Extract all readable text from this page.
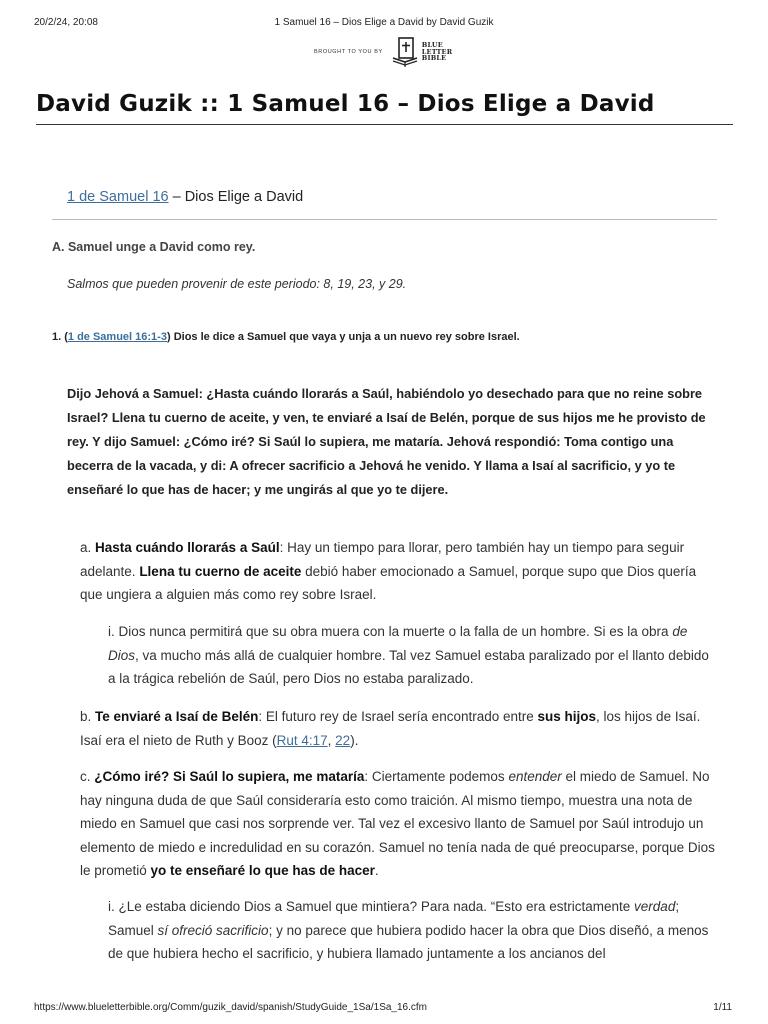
20/2/24, 20:08	1 Samuel 16 – Dios Elige a David by David Guzik
BROUGHT TO YOU BY
BLUE
LETTER
BIBLE
David Guzik :: 1 Samuel 16 – Dios Elige a David
1 de Samuel 16 – Dios Elige a David
A. Samuel unge a David como rey.
Salmos que pueden provenir de este periodo: 8, 19, 23, y 29.
1. (1 de Samuel 16:1-3) Dios le dice a Samuel que vaya y unja a un nuevo rey sobre Israel.
Dijo Jehová a Samuel: ¿Hasta cuándo llorarás a Saúl, habiéndolo yo desechado para que no reine sobre Israel? Llena tu cuerno de aceite, y ven, te enviaré a Isaí de Belén, porque de sus hijos me he provisto de rey. Y dijo Samuel: ¿Cómo iré? Si Saúl lo supiera, me mataría. Jehová respondió: Toma contigo una becerra de la vacada, y di: A ofrecer sacrificio a Jehová he venido. Y llama a Isaí al sacrificio, y yo te enseñaré lo que has de hacer; y me ungirás al que yo te dijere.
a. Hasta cuándo llorarás a Saúl: Hay un tiempo para llorar, pero también hay un tiempo para seguir adelante. Llena tu cuerno de aceite debió haber emocionado a Samuel, porque supo que Dios quería que ungiera a alguien más como rey sobre Israel.
i. Dios nunca permitirá que su obra muera con la muerte o la falla de un hombre. Si es la obra de Dios, va mucho más allá de cualquier hombre. Tal vez Samuel estaba paralizado por el llanto debido a la trágica rebelión de Saúl, pero Dios no estaba paralizado.
b. Te enviaré a Isaí de Belén: El futuro rey de Israel sería encontrado entre sus hijos, los hijos de Isaí. Isaí era el nieto de Ruth y Booz (Rut 4:17, 22).
c. ¿Cómo iré? Si Saúl lo supiera, me mataría: Ciertamente podemos entender el miedo de Samuel. No hay ninguna duda de que Saúl consideraría esto como traición. Al mismo tiempo, muestra una nota de miedo en Samuel que casi nos sorprende ver. Tal vez el excesivo llanto de Samuel por Saúl introdujo un elemento de miedo e incredulidad en su corazón. Samuel no tenía nada de qué preocuparse, porque Dios le prometió yo te enseñaré lo que has de hacer.
i. ¿Le estaba diciendo Dios a Samuel que mintiera? Para nada. “Esto era estrictamente verdad; Samuel sí ofreció sacrificio; y no parece que hubiera podido hacer la obra que Dios diseñó, a menos de que hubiera hecho el sacrificio, y hubiera llamado juntamente a los ancianos del
https://www.blueletterbible.org/Comm/guzik_david/spanish/StudyGuide_1Sa/1Sa_16.cfm	1/11
